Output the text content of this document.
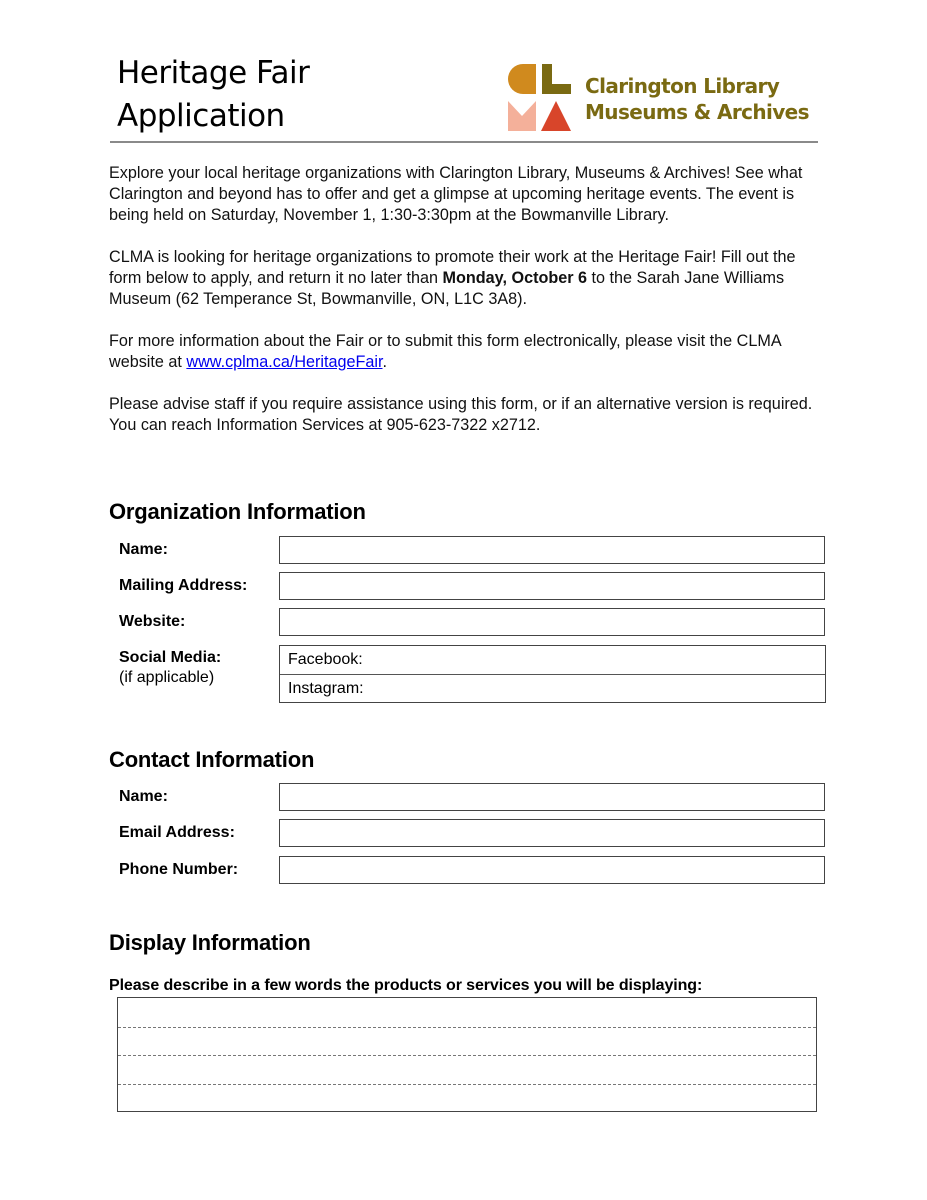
Heritage Fair
Application
Clarington Library
Museums & Archives

Explore your local heritage organizations with Clarington Library, Museums & Archives! See what Clarington and beyond has to offer and get a glimpse at upcoming heritage events. The event is being held on Saturday, November 1, 1:30-3:30pm at the Bowmanville Library.

CLMA is looking for heritage organizations to promote their work at the Heritage Fair! Fill out the form below to apply, and return it no later than Monday, October 6 to the Sarah Jane Williams Museum (62 Temperance St, Bowmanville, ON, L1C 3A8).

For more information about the Fair or to submit this form electronically, please visit the CLMA website at www.cplma.ca/HeritageFair.

Please advise staff if you require assistance using this form, or if an alternative version is required. You can reach Information Services at 905-623-7322 x2712.

Organization Information
Name:
Mailing Address:
Website:
Social Media:
(if applicable)
Facebook:
Instagram:
Contact Information
Name:
Email Address:
Phone Number:
Display Information
Please describe in a few words the products or services you will be displaying:
